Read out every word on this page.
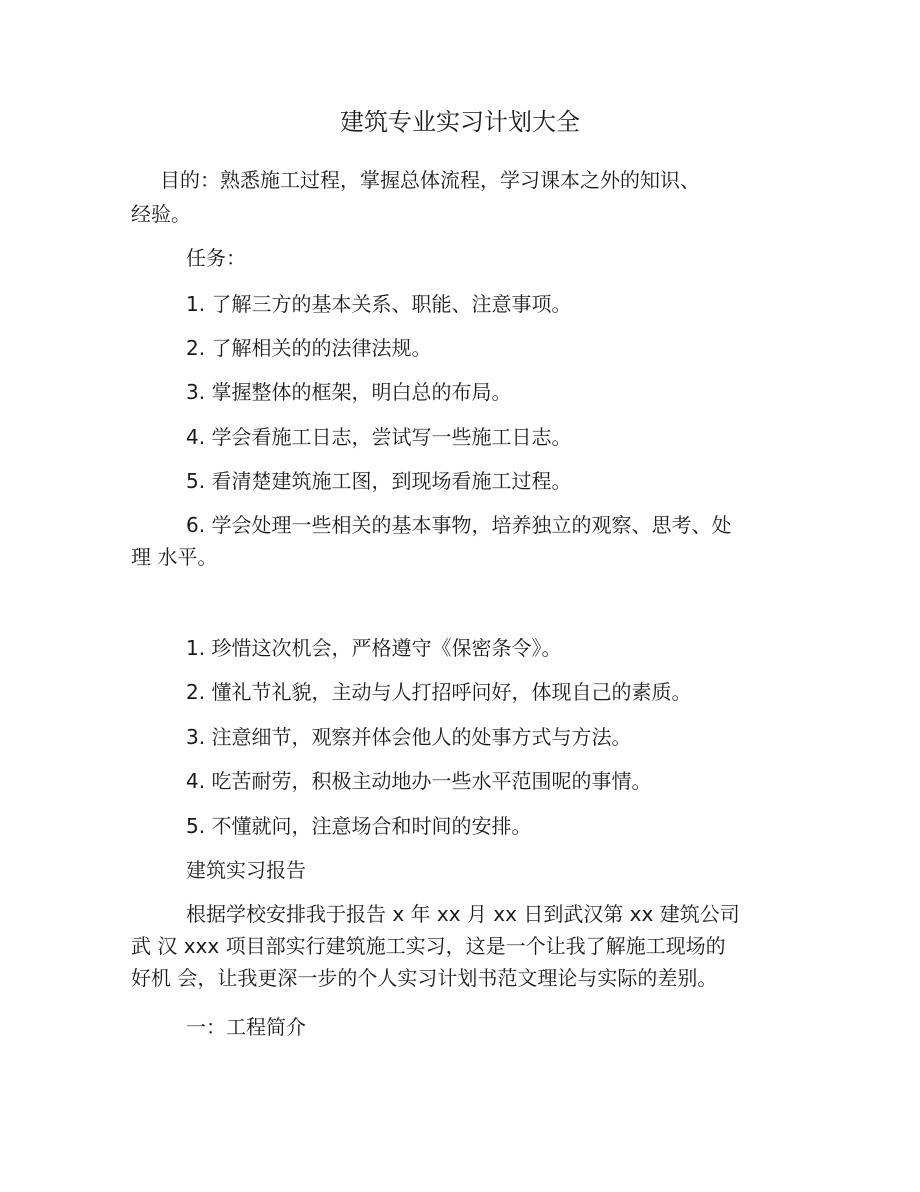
建筑专业实习计划大全
目的：熟悉施工过程，掌握总体流程，学习课本之外的知识、
经验。
任务：
1. 了解三方的基本关系、职能、注意事项。
2. 了解相关的的法律法规。
3. 掌握整体的框架，明白总的布局。
4. 学会看施工日志，尝试写一些施工日志。
5. 看清楚建筑施工图，到现场看施工过程。
6. 学会处理一些相关的基本事物，培养独立的观察、思考、处
理 水平。
1. 珍惜这次机会，严格遵守《保密条令》。
2. 懂礼节礼貌，主动与人打招呼问好，体现自己的素质。
3. 注意细节，观察并体会他人的处事方式与方法。
4. 吃苦耐劳，积极主动地办一些水平范围呢的事情。
5. 不懂就问，注意场合和时间的安排。
建筑实习报告
根据学校安排我于报告 x 年 xx 月 xx 日到武汉第 xx 建筑公司
武 汉 xxx 项目部实行建筑施工实习，这是一个让我了解施工现场的
好机 会，让我更深一步的个人实习计划书范文理论与实际的差别。
一：工程简介
